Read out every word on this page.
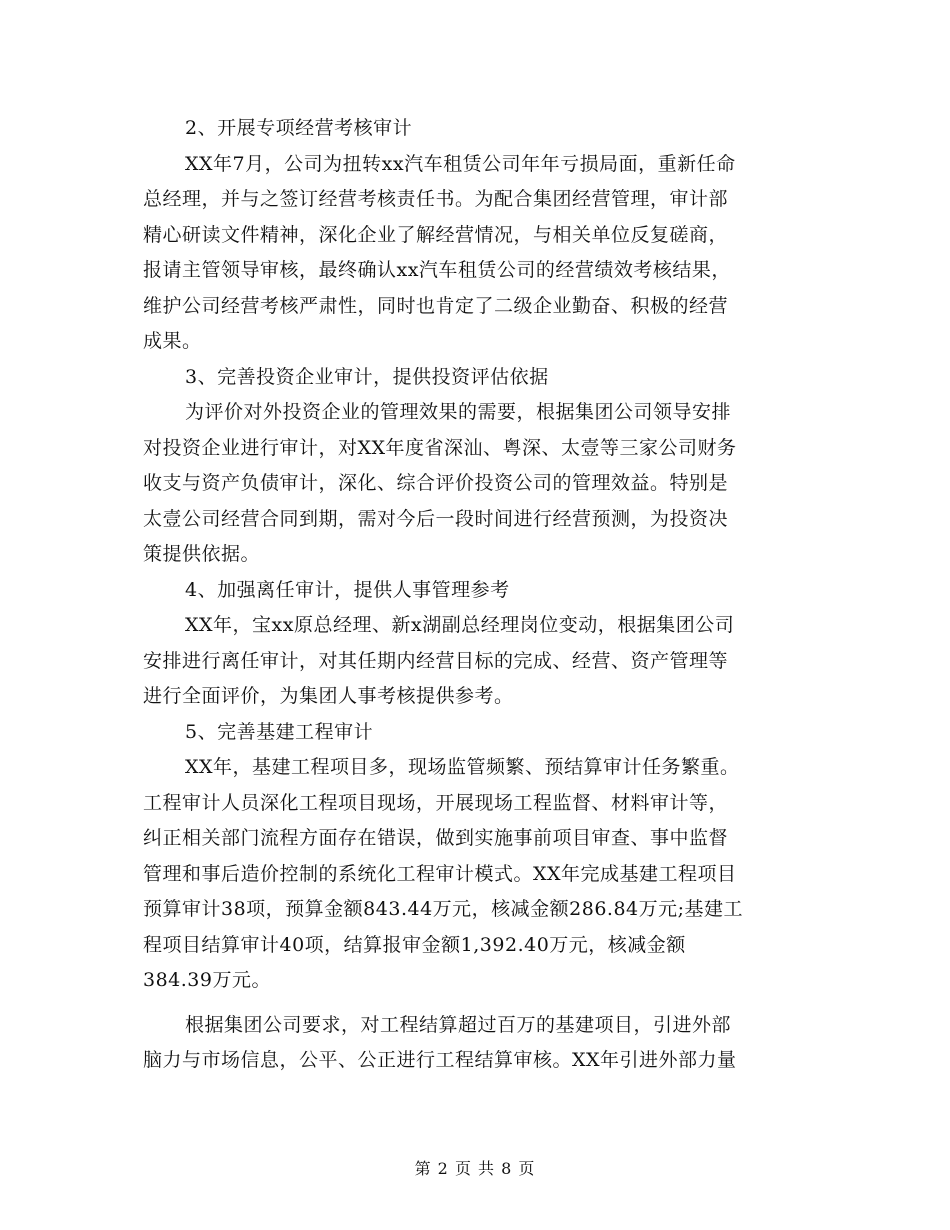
2、开展专项经营考核审计
XX年7月，公司为扭转xx汽车租赁公司年年亏损局面，重新任命
总经理，并与之签订经营考核责任书。为配合集团经营管理，审计部
精心研读文件精神，深化企业了解经营情况，与相关单位反复磋商，
报请主管领导审核，最终确认xx汽车租赁公司的经营绩效考核结果，
维护公司经营考核严肃性，同时也肯定了二级企业勤奋、积极的经营
成果。
3、完善投资企业审计，提供投资评估依据
为评价对外投资企业的管理效果的需要，根据集团公司领导安排
对投资企业进行审计，对XX年度省深汕、粤深、太壹等三家公司财务
收支与资产负债审计，深化、综合评价投资公司的管理效益。特别是
太壹公司经营合同到期，需对今后一段时间进行经营预测，为投资决
策提供依据。
4、加强离任审计，提供人事管理参考
XX年，宝xx原总经理、新x湖副总经理岗位变动，根据集团公司
安排进行离任审计，对其任期内经营目标的完成、经营、资产管理等
进行全面评价，为集团人事考核提供参考。
5、完善基建工程审计
XX年，基建工程项目多，现场监管频繁、预结算审计任务繁重。
工程审计人员深化工程项目现场，开展现场工程监督、材料审计等，
纠正相关部门流程方面存在错误，做到实施事前项目审查、事中监督
管理和事后造价控制的系统化工程审计模式。XX年完成基建工程项目
预算审计38项，预算金额843.44万元，核减金额286.84万元;基建工
程项目结算审计40项，结算报审金额1,392.40万元，核减金额
384.39万元。
根据集团公司要求，对工程结算超过百万的基建项目，引进外部
脑力与市场信息，公平、公正进行工程结算审核。XX年引进外部力量
第 2 页 共 8 页
